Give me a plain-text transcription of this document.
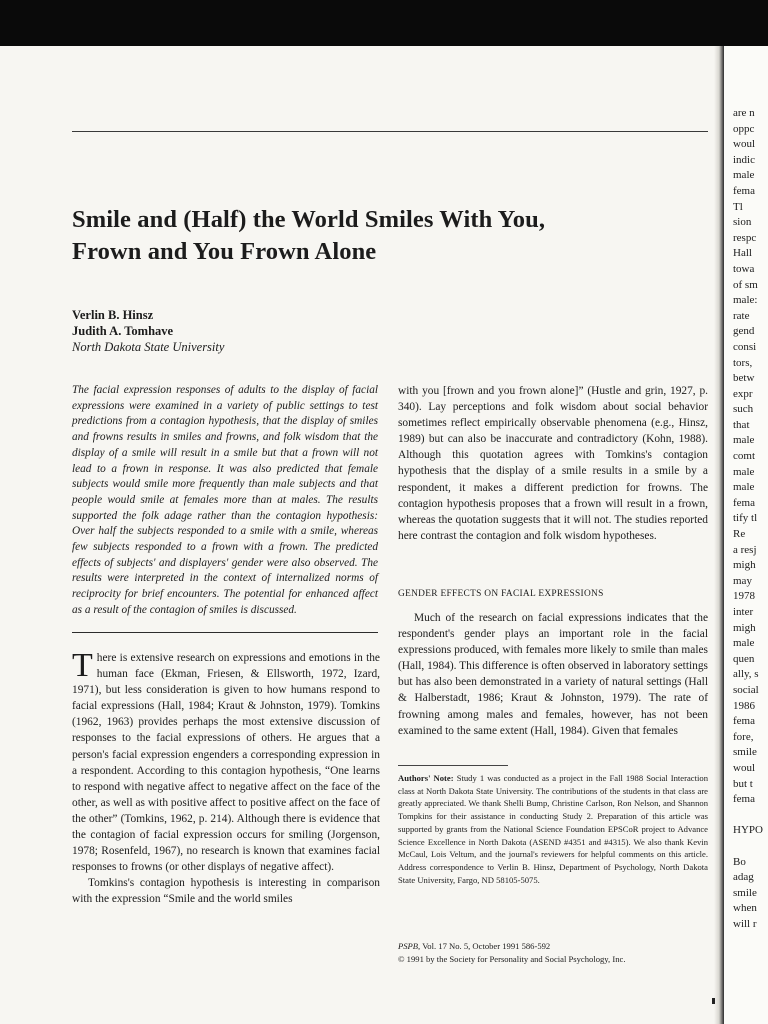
are n
oppc
woul
indic
male
fema
Tl
sion
respc
Hall
towa
of sm
male:
rate
gend
consi
tors,
betw
expr
such
that
male
comt
male
male
fema
tify tl
Re
a resj
migh
may
1978
inter
migh
male
quen
ally, s
social
1986
fema
fore,
smile
woul
but t
fema
HYPO
Bo
adag
smile
when
will r
Smile and (Half) the World Smiles With You,
Frown and You Frown Alone
Verlin B. Hinsz
Judith A. Tomhave
North Dakota State University
The facial expression responses of adults to the display of facial expressions were examined in a variety of public settings to test predictions from a contagion hypothesis, that the display of smiles and frowns results in smiles and frowns, and folk wisdom that the display of a smile will result in a smile but that a frown will not lead to a frown in response. It was also predicted that female subjects would smile more frequently than male subjects and that people would smile at females more than at males. The results supported the folk adage rather than the contagion hypothesis: Over half the subjects responded to a smile with a smile, whereas few subjects responded to a frown with a frown. The predicted effects of subjects' and displayers' gender were also observed. The results were interpreted in the context of internalized norms of reciprocity for brief encounters. The potential for enhanced affect as a result of the contagion of smiles is discussed.

There is extensive research on expressions and emotions in the human face (Ekman, Friesen, & Ellsworth, 1972, Izard, 1971), but less consideration is given to how humans respond to facial expressions (Hall, 1984; Kraut & Johnston, 1979). Tomkins (1962, 1963) provides perhaps the most extensive discussion of responses to the facial expressions of others. He argues that a person's facial expression engenders a corresponding expression in a respondent. According to this contagion hypothesis, “One learns to respond with negative affect to negative affect on the face of the other, as well as with positive affect to positive affect on the face of the other” (Tomkins, 1962, p. 214). Although there is evidence that the contagion of facial expression occurs for smiling (Jorgenson, 1978; Rosenfeld, 1967), no research is known that examines facial responses to frowns (or other displays of negative affect).

Tomkins's contagion hypothesis is interesting in comparison with the expression “Smile and the world smiles

with you [frown and you frown alone]” (Hustle and grin, 1927, p. 340). Lay perceptions and folk wisdom about social behavior sometimes reflect empirically observable phenomena (e.g., Hinsz, 1989) but can also be inaccurate and contradictory (Kohn, 1988). Although this quotation agrees with Tomkins's contagion hypothesis that the display of a smile results in a smile by a respondent, it makes a different prediction for frowns. The contagion hypothesis proposes that a frown will result in a frown, whereas the quotation suggests that it will not. The studies reported here contrast the contagion and folk wisdom hypotheses.

GENDER EFFECTS ON FACIAL EXPRESSIONS
Much of the research on facial expressions indicates that the respondent's gender plays an important role in the facial expressions produced, with females more likely to smile than males (Hall, 1984). This difference is often observed in laboratory settings but has also been demonstrated in a variety of natural settings (Hall & Halberstadt, 1986; Kraut & Johnston, 1979). The rate of frowning among males and females, however, has not been examined to the same extent (Hall, 1984). Given that females
Authors' Note: Study 1 was conducted as a project in the Fall 1988 Social Interaction class at North Dakota State University. The contributions of the students in that class are greatly appreciated. We thank Shelli Bump, Christine Carlson, Ron Nelson, and Shannon Tompkins for their assistance in conducting Study 2. Preparation of this article was supported by grants from the National Science Foundation EPSCoR project to Advance Science Excellence in North Dakota (ASEND #4351 and #4315). We also thank Kevin McCaul, Lois Veltum, and the journal's reviewers for helpful comments on this article. Address correspondence to Verlin B. Hinsz, Department of Psychology, North Dakota State University, Fargo, ND 58105-5075.
PSPB, Vol. 17 No. 5, October 1991 586-592
© 1991 by the Society for Personality and Social Psychology, Inc.
